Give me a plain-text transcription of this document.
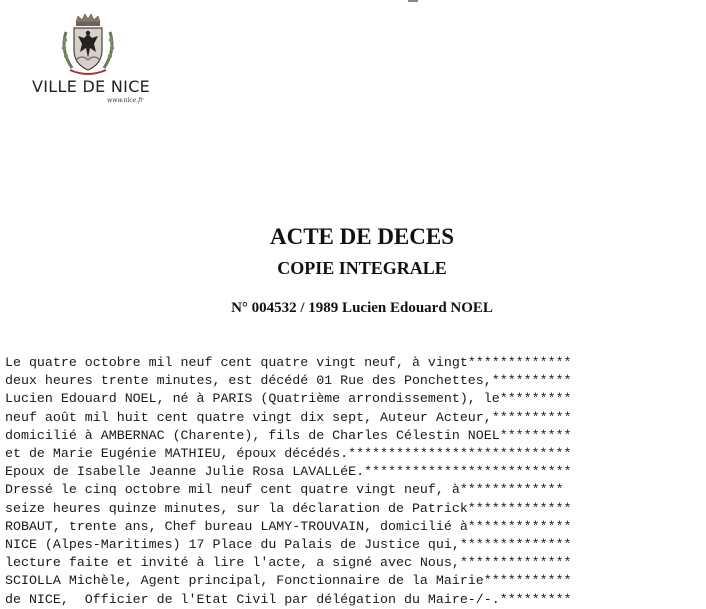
VILLE DE NICE
www.nice.fr
ACTE DE DECES
COPIE INTEGRALE
N° 004532 / 1989 Lucien Edouard NOEL
Le quatre octobre mil neuf cent quatre vingt neuf, à vingt*************
deux heures trente minutes, est décédé 01 Rue des Ponchettes,**********
Lucien Edouard NOEL, né à PARIS (Quatrième arrondissement), le*********
neuf août mil huit cent quatre vingt dix sept, Auteur Acteur,**********
domicilié à AMBERNAC (Charente), fils de Charles Célestin NOEL*********
et de Marie Eugénie MATHIEU, époux décédés.****************************
Epoux de Isabelle Jeanne Julie Rosa LAVALLéE.**************************
Dressé le cinq octobre mil neuf cent quatre vingt neuf, à*************
seize heures quinze minutes, sur la déclaration de Patrick*************
ROBAUT, trente ans, Chef bureau LAMY-TROUVAIN, domicilié à*************
NICE (Alpes-Maritimes) 17 Place du Palais de Justice qui,**************
lecture faite et invité à lire l'acte, a signé avec Nous,**************
SCIOLLA Michèle, Agent principal, Fonctionnaire de la Mairie***********
de NICE,  Officier de l'Etat Civil par délégation du Maire-/-.*********
